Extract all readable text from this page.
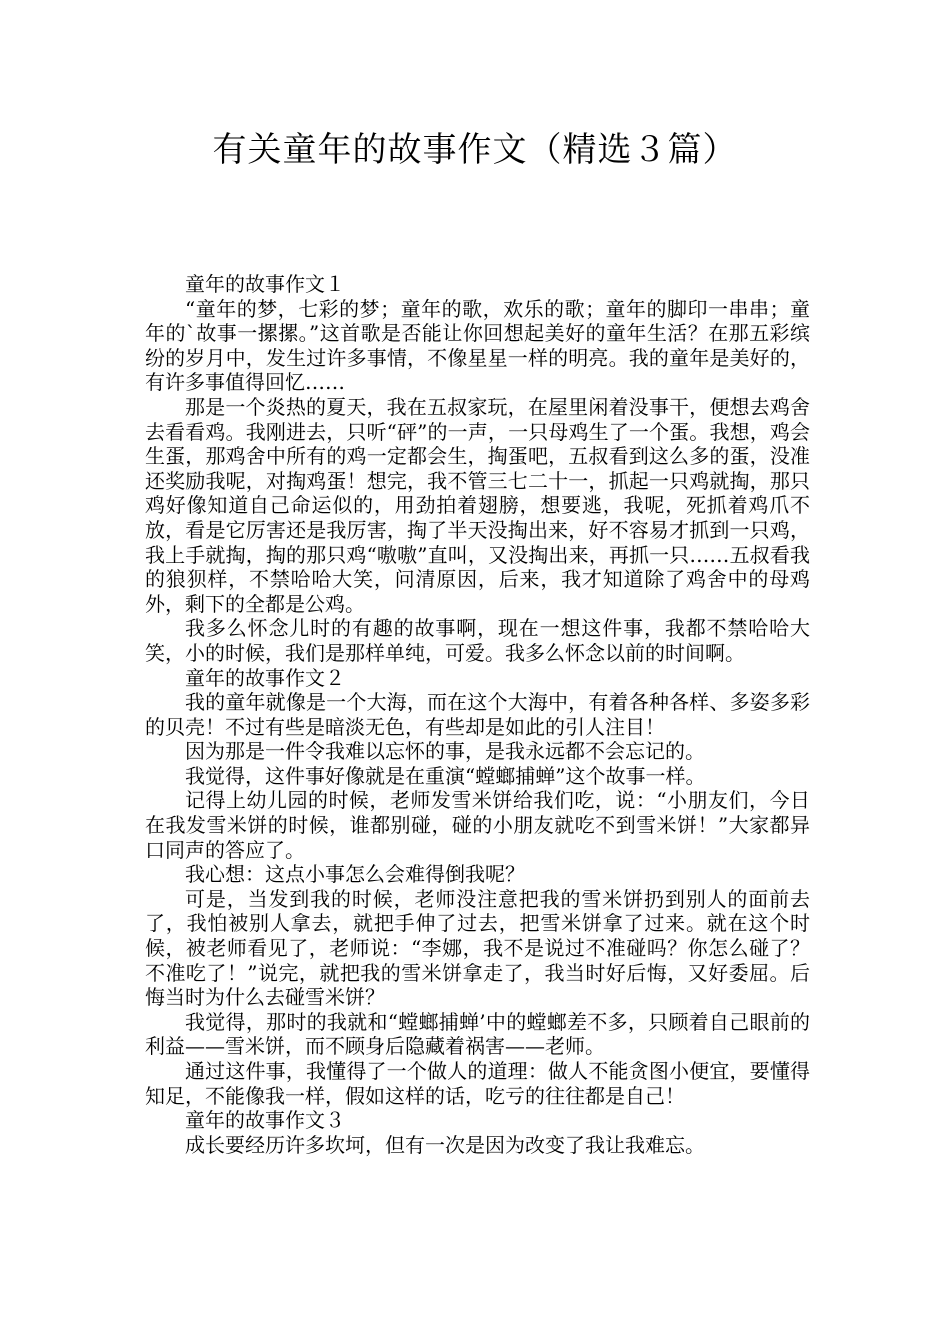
有关童年的故事作文（精选３篇）

童年的故事作文１

“童年的梦，七彩的梦；童年的歌，欢乐的歌；童年的脚印一串串；童年的`故事一摞摞。”这首歌是否能让你回想起美好的童年生活？在那五彩缤纷的岁月中，发生过许多事情，不像星星一样的明亮。我的童年是美好的，有许多事值得回忆……

那是一个炎热的夏天，我在五叔家玩，在屋里闲着没事干，便想去鸡舍去看看鸡。我刚进去，只听“砰”的一声，一只母鸡生了一个蛋。我想，鸡会生蛋，那鸡舍中所有的鸡一定都会生，掏蛋吧，五叔看到这么多的蛋，没准还奖励我呢，对掏鸡蛋！想完，我不管三七二十一，抓起一只鸡就掏，那只鸡好像知道自己命运似的，用劲拍着翅膀，想要逃，我呢，死抓着鸡爪不放，看是它厉害还是我厉害，掏了半天没掏出来，好不容易才抓到一只鸡，我上手就掏，掏的那只鸡“嗷嗷”直叫，又没掏出来，再抓一只……五叔看我的狼狈样，不禁哈哈大笑，问清原因，后来，我才知道除了鸡舍中的母鸡外，剩下的全都是公鸡。

我多么怀念儿时的有趣的故事啊，现在一想这件事，我都不禁哈哈大笑，小的时候，我们是那样单纯，可爱。我多么怀念以前的时间啊。

童年的故事作文２

我的童年就像是一个大海，而在这个大海中，有着各种各样、多姿多彩的贝壳！不过有些是暗淡无色，有些却是如此的引人注目！

因为那是一件令我难以忘怀的事，是我永远都不会忘记的。

我觉得，这件事好像就是在重演“螳螂捕蝉”这个故事一样。

记得上幼儿园的时候，老师发雪米饼给我们吃，说：“小朋友们，今日在我发雪米饼的时候，谁都别碰，碰的小朋友就吃不到雪米饼！”大家都异口同声的答应了。

我心想：这点小事怎么会难得倒我呢？

可是，当发到我的时候，老师没注意把我的雪米饼扔到别人的面前去了，我怕被别人拿去，就把手伸了过去，把雪米饼拿了过来。就在这个时候，被老师看见了，老师说：“李娜，我不是说过不准碰吗？你怎么碰了？不准吃了！”说完，就把我的雪米饼拿走了，我当时好后悔，又好委屈。后悔当时为什么去碰雪米饼？

我觉得，那时的我就和“螳螂捕蝉’中的螳螂差不多，只顾着自己眼前的利益——雪米饼，而不顾身后隐藏着祸害——老师。

通过这件事，我懂得了一个做人的道理：做人不能贪图小便宜，要懂得知足，不能像我一样，假如这样的话，吃亏的往往都是自己！

童年的故事作文３

成长要经历许多坎坷，但有一次是因为改变了我让我难忘。
